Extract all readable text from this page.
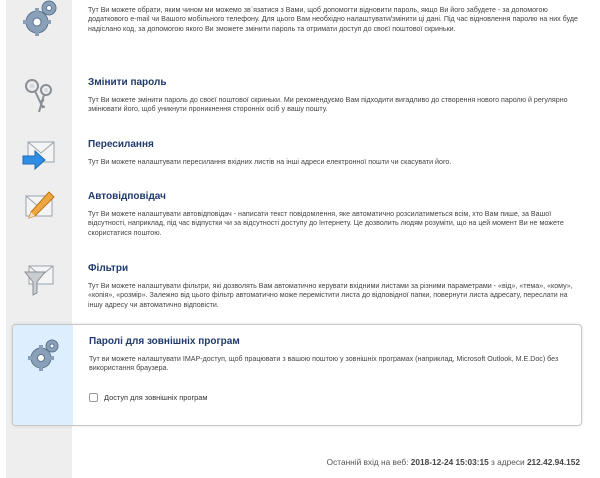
Тут Ви можете обрати, яким чином ми можемо зв`язатися з Вами, щоб допомогти відновити пароль, якщо Ви його забудете - за допомогою додаткового e-mail чи Вашого мобільного телефону. Для цього Вам необхідно налаштувати/змінити ці дані. Під час відновлення паролю на них буде надіслано код, за допомогою якого Ви зможете змінити пароль та отримати доступ до своєї поштової скриньки.
Змінити пароль
Тут Ви можете змінити пароль до своєї поштової скриньки. Ми рекомендуємо Вам підходити вигадливо до створення нового паролю й регулярно змінювати його, щоб уникнути проникнення сторонніх осіб у вашу пошту.
Пересилання
Тут Ви можете налаштувати пересилання вхідних листів на інші адреси електронної пошти чи скасувати його.
Автовідповідач
Тут Ви можете налаштувати автовідповідач - написати текст повідомлення, яке автоматично розсилатиметься всім, хто Вам пише, за Вашої відсутності, наприклад, під час відпустки чи за відсутності доступу до Інтернету. Це дозволить людям розуміти, що на цей момент Ви не можете скористатися поштою.
Фільтри
Тут Ви можете налаштувати фільтри, які дозволять Вам автоматично керувати вхідними листами за різними параметрами - «від», «тема», «кому», «копія», «розмір». Залежно від цього фільтр автоматично може перемістити листа до відповідної папки, повернути листа адресату, переслати на іншу адресу чи автоматично відповісти.
Паролі для зовнішніх програм
Тут ви можете налаштувати IMAP-доступ, щоб працювати з вашою поштою у зовнішніх програмах (наприклад, Microsoft Outlook, M.E.Doc) без використання браузера.
Доступ для зовнішніх програм
Останній вхід на веб: 2018-12-24 15:03:15 з адреси 212.42.94.152
